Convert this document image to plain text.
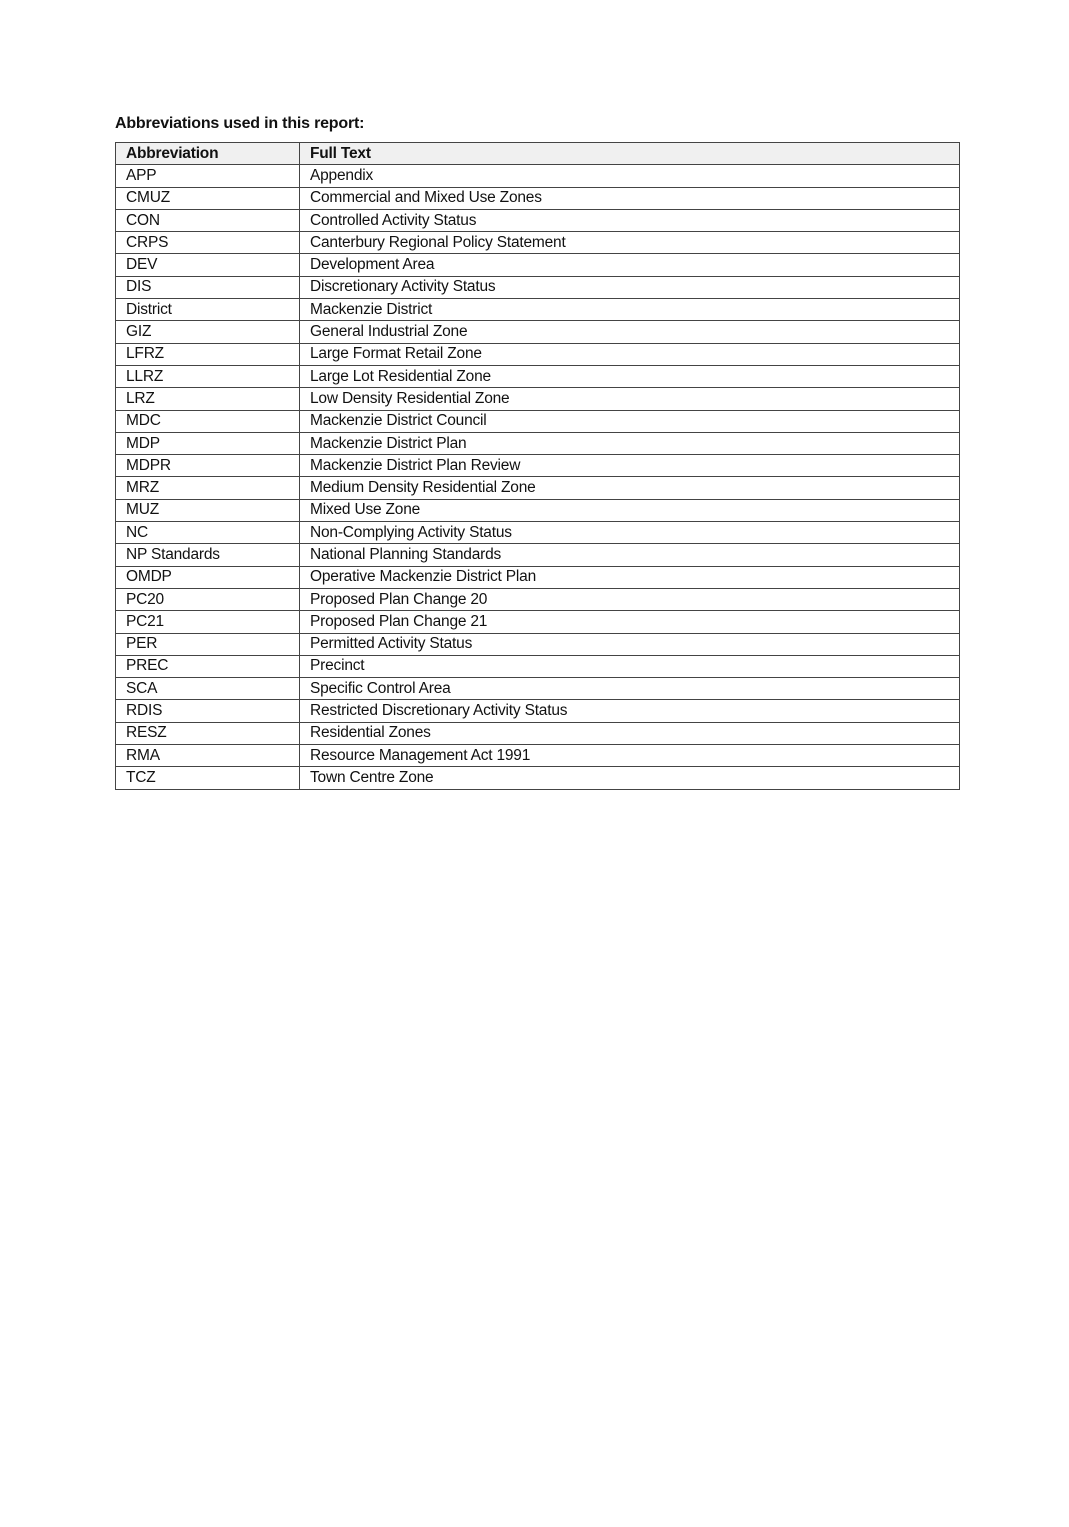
Abbreviations used in this report:
Abbreviation	Full Text
APP	Appendix
CMUZ	Commercial and Mixed Use Zones
CON	Controlled Activity Status
CRPS	Canterbury Regional Policy Statement
DEV	Development Area
DIS	Discretionary Activity Status
District	Mackenzie District
GIZ	General Industrial Zone
LFRZ	Large Format Retail Zone
LLRZ	Large Lot Residential Zone
LRZ	Low Density Residential Zone
MDC	Mackenzie District Council
MDP	Mackenzie District Plan
MDPR	Mackenzie District Plan Review
MRZ	Medium Density Residential Zone
MUZ	Mixed Use Zone
NC	Non-Complying Activity Status
NP Standards	National Planning Standards
OMDP	Operative Mackenzie District Plan
PC20	Proposed Plan Change 20
PC21	Proposed Plan Change 21
PER	Permitted Activity Status
PREC	Precinct
SCA	Specific Control Area
RDIS	Restricted Discretionary Activity Status
RESZ	Residential Zones
RMA	Resource Management Act 1991
TCZ	Town Centre Zone
